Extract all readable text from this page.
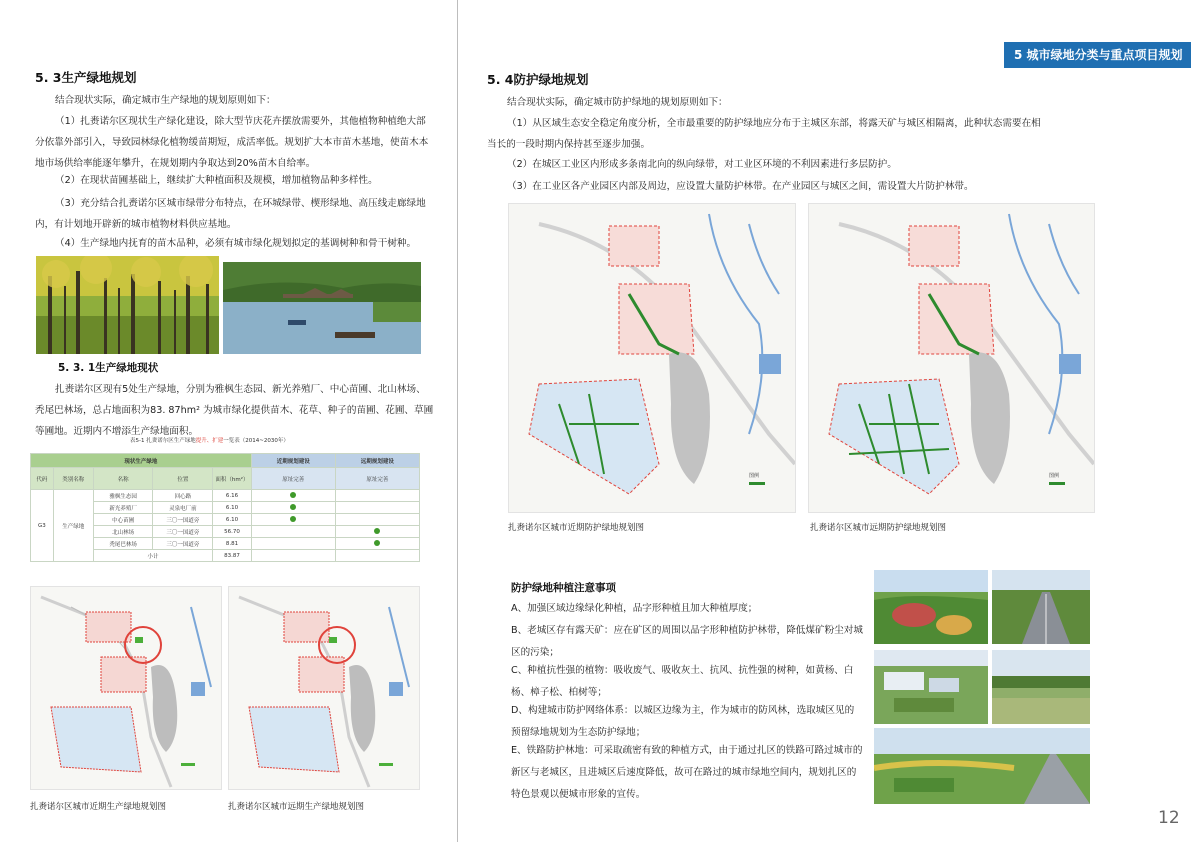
5 城市绿地分类与重点项目规划
5. 3生产绿地规划
结合现状实际，确定城市生产绿地的规划原则如下：
（1）扎赉诺尔区现状生产绿化建设，除大型节庆花卉摆放需要外，其他植物种植绝大部分依靠外部引入，导致园林绿化植物缓苗期短，成活率低。规划扩大本市苗木基地，使苗木本地市场供给率能逐年攀升，在规划期内争取达到20%苗木自给率。
（2）在现状苗圃基础上，继续扩大种植面积及规模，增加植物品种多样性。
（3）充分结合扎赉诺尔区城市绿带分布特点，在环城绿带、楔形绿地、高压线走廊绿地内，有计划地开辟新的城市植物材料供应基地。
（4）生产绿地内抚育的苗木品种，必须有城市绿化规划拟定的基调树种和骨干树种。
5. 3. 1生产绿地现状
扎赉诺尔区现有5处生产绿地，分别为雅枫生态园、新光养殖厂、中心苗圃、北山林场、秃尾巴林场，总占地面积为83. 87hm² 为城市绿化提供苗木、花草、种子的苗圃、花圃、草圃等圃地。近期内不增添生产绿地面积。
表5-1 扎赉诺尔区生产绿地提升、扩建一览表（2014~2030年）
现状生产绿地					近期规划建设	远期规划建设
代码	类别名称	名称	位置	面积（hm²）	原址完善	原址完善
G3	生产绿地	雅枫生态园	回心路	6.16		
		新光养殖厂	灵泉电厂前	6.10		
		中心苗圃	三〇一国道旁	6.10		
		北山林场	三〇一国道旁	56.70		
		秃尾巴林场	三〇一国道旁	8.81		
		小计		83.87		
扎赉诺尔区城市近期生产绿地规划图	扎赉诺尔区城市远期生产绿地规划图
5. 4防护绿地规划
结合现状实际，确定城市防护绿地的规划原则如下：
（1）从区域生态安全稳定角度分析，全市最重要的防护绿地应分布于主城区东部，将露天矿与城区相隔离，此种状态需要在相当长的一段时期内保持甚至逐步加强。
（2）在城区工业区内形成多条南北向的纵向绿带，对工业区环境的不利因素进行多层防护。
（3）在工业区各产业园区内部及周边，应设置大量防护林带。在产业园区与城区之间，需设置大片防护林带。
图例	图例
扎赉诺尔区城市近期防护绿地规划图	扎赉诺尔区城市远期防护绿地规划图
防护绿地种植注意事项
A、加强区域边缘绿化种植，品字形种植且加大种植厚度；
B、老城区存有露天矿：应在矿区的周围以品字形种植防护林带，降低煤矿粉尘对城区的污染；
C、种植抗性强的植物：吸收废气、吸收灰土、抗风、抗性强的树种，如黄杨、白杨、樟子松、柏树等；
D、构建城市防护网络体系：以城区边缘为主，作为城市的防风林，选取城区见的预留绿地规划为生态防护绿地；
E、铁路防护林地：可采取疏密有致的种植方式，由于通过扎区的铁路可路过城市的新区与老城区，且进城区后速度降低，故可在路过的城市绿地空间内，规划扎区的特色景观以便城市形象的宣传。
12
